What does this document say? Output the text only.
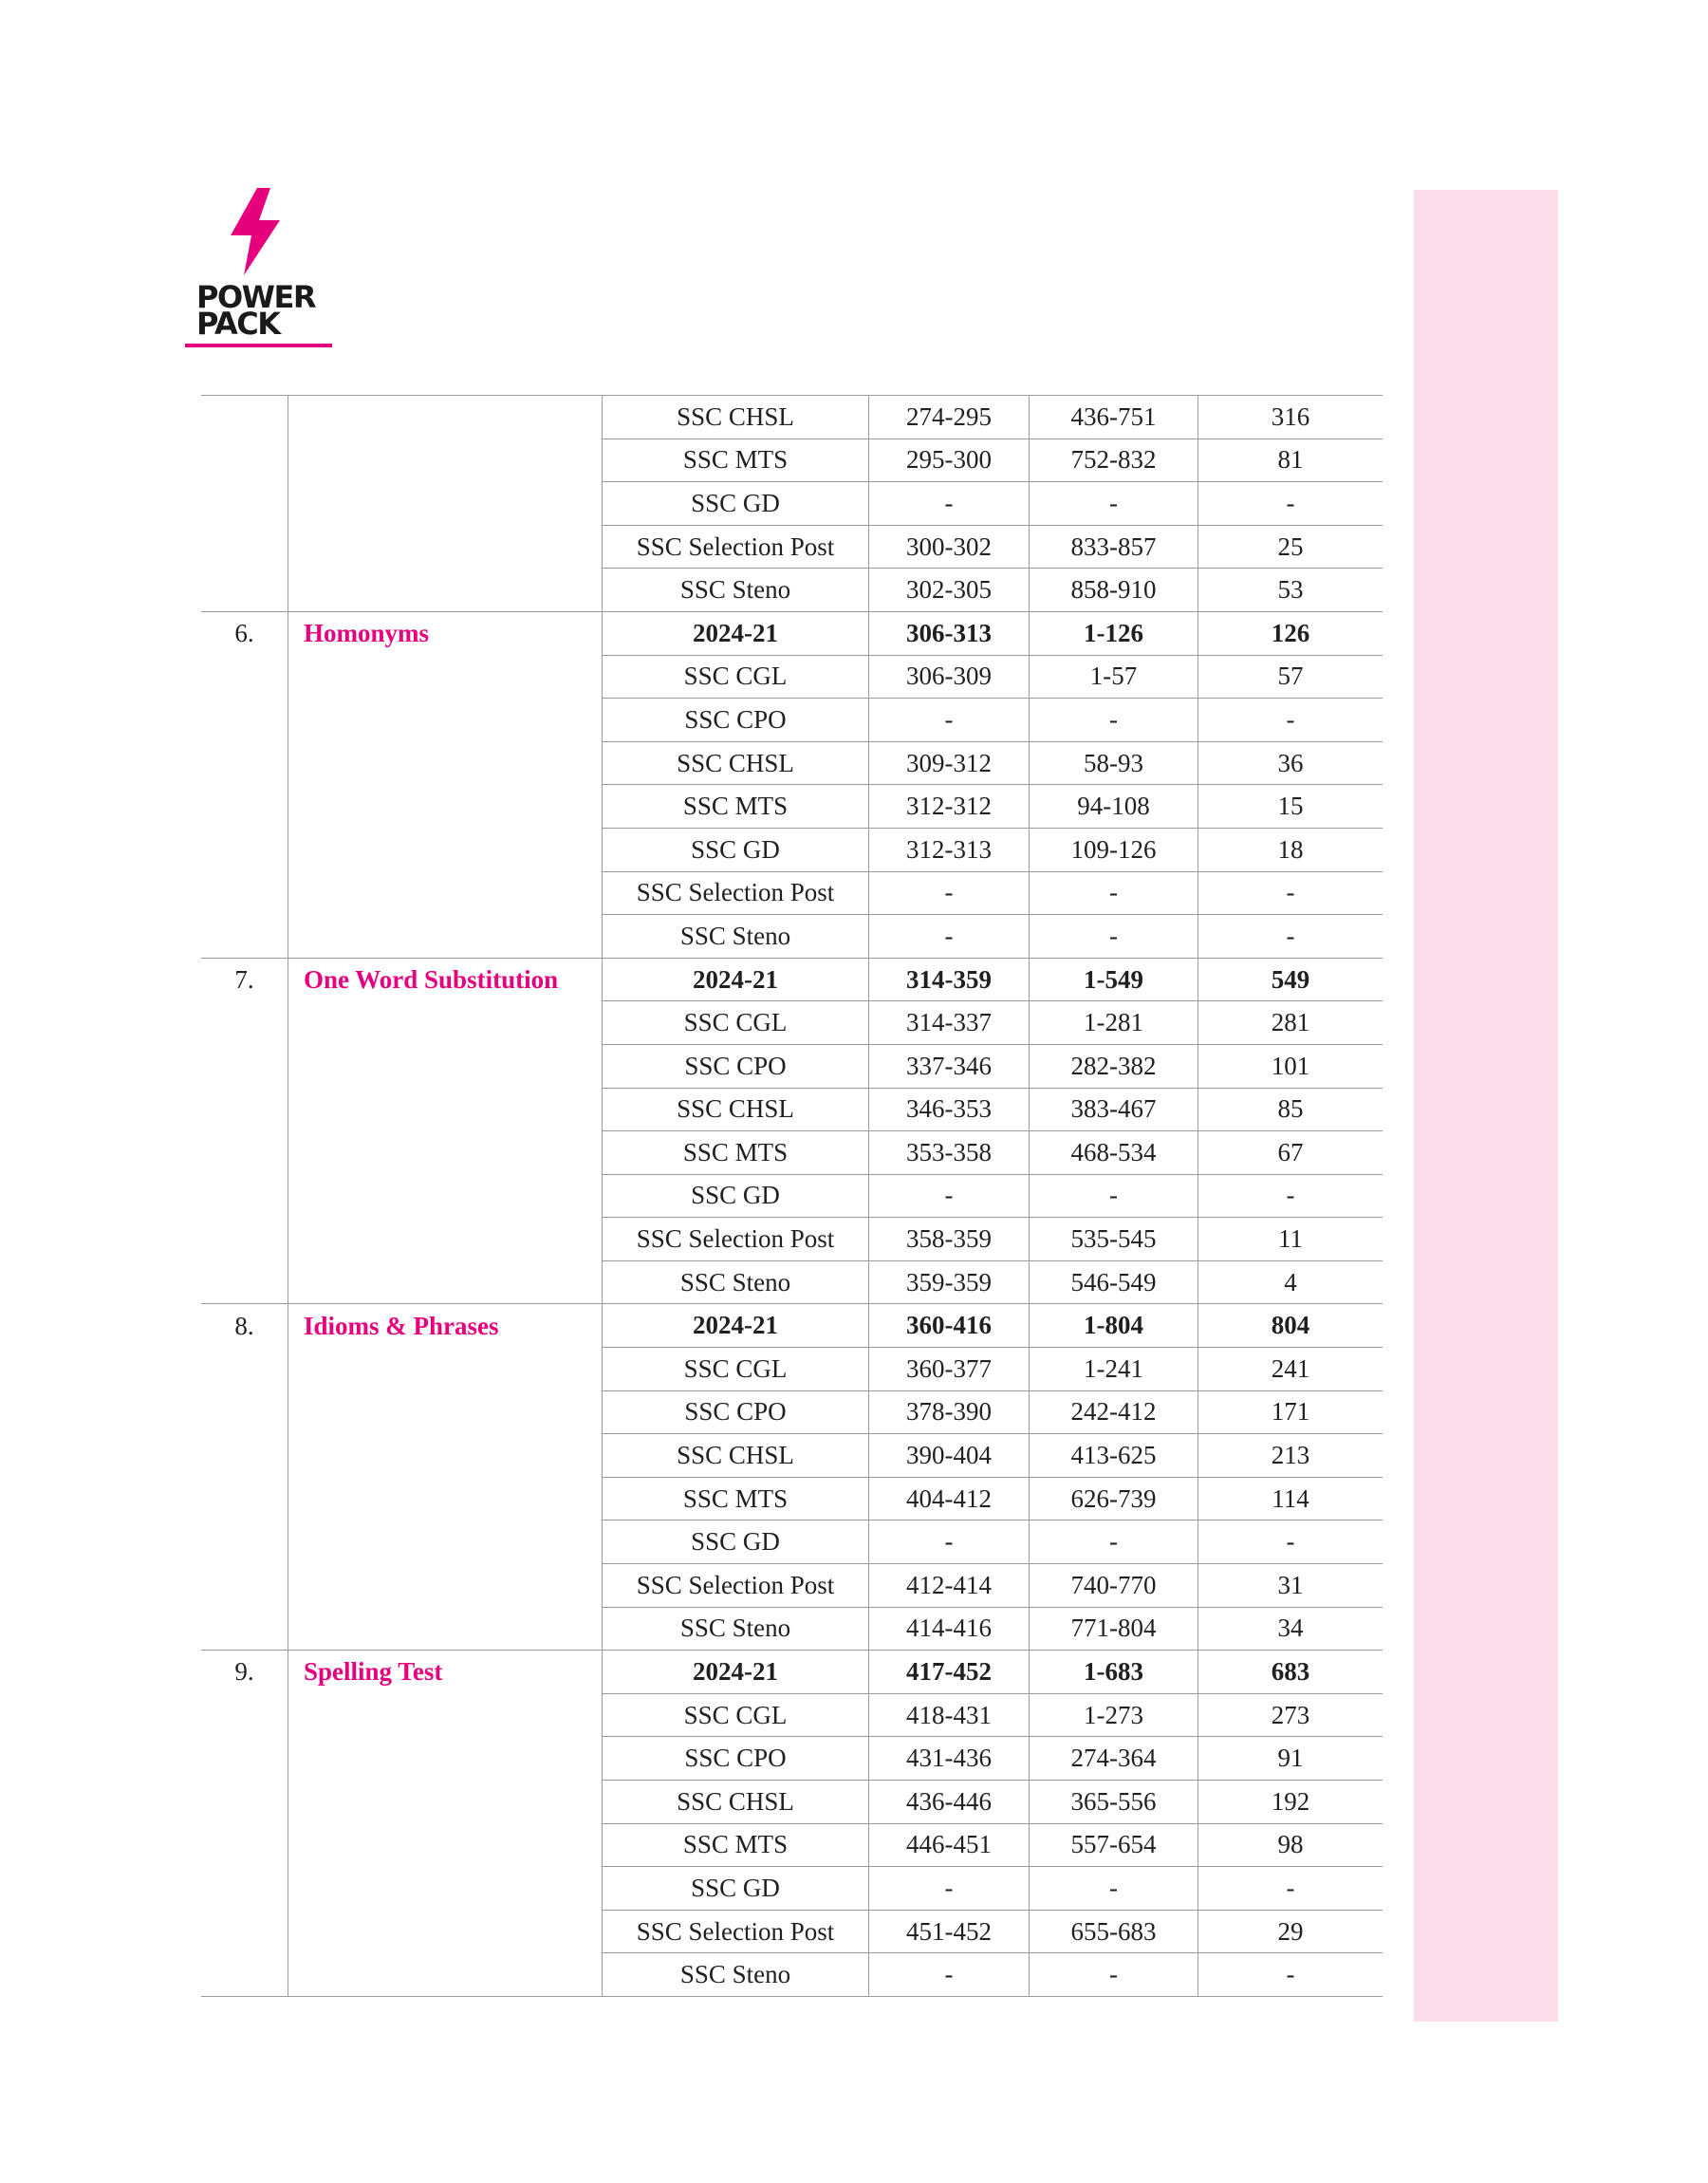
POWER
PACK
		SSC CHSL	274-295	436-751	316
		SSC MTS	295-300	752-832	81
		SSC GD	-	-	-
		SSC Selection Post	300-302	833-857	25
		SSC Steno	302-305	858-910	53
6.	Homonyms	2024-21	306-313	1-126	126
		SSC CGL	306-309	1-57	57
		SSC CPO	-	-	-
		SSC CHSL	309-312	58-93	36
		SSC MTS	312-312	94-108	15
		SSC GD	312-313	109-126	18
		SSC Selection Post	-	-	-
		SSC Steno	-	-	-
7.	One Word Substitution	2024-21	314-359	1-549	549
		SSC CGL	314-337	1-281	281
		SSC CPO	337-346	282-382	101
		SSC CHSL	346-353	383-467	85
		SSC MTS	353-358	468-534	67
		SSC GD	-	-	-
		SSC Selection Post	358-359	535-545	11
		SSC Steno	359-359	546-549	4
8.	Idioms & Phrases	2024-21	360-416	1-804	804
		SSC CGL	360-377	1-241	241
		SSC CPO	378-390	242-412	171
		SSC CHSL	390-404	413-625	213
		SSC MTS	404-412	626-739	114
		SSC GD	-	-	-
		SSC Selection Post	412-414	740-770	31
		SSC Steno	414-416	771-804	34
9.	Spelling Test	2024-21	417-452	1-683	683
		SSC CGL	418-431	1-273	273
		SSC CPO	431-436	274-364	91
		SSC CHSL	436-446	365-556	192
		SSC MTS	446-451	557-654	98
		SSC GD	-	-	-
		SSC Selection Post	451-452	655-683	29
		SSC Steno	-	-	-
